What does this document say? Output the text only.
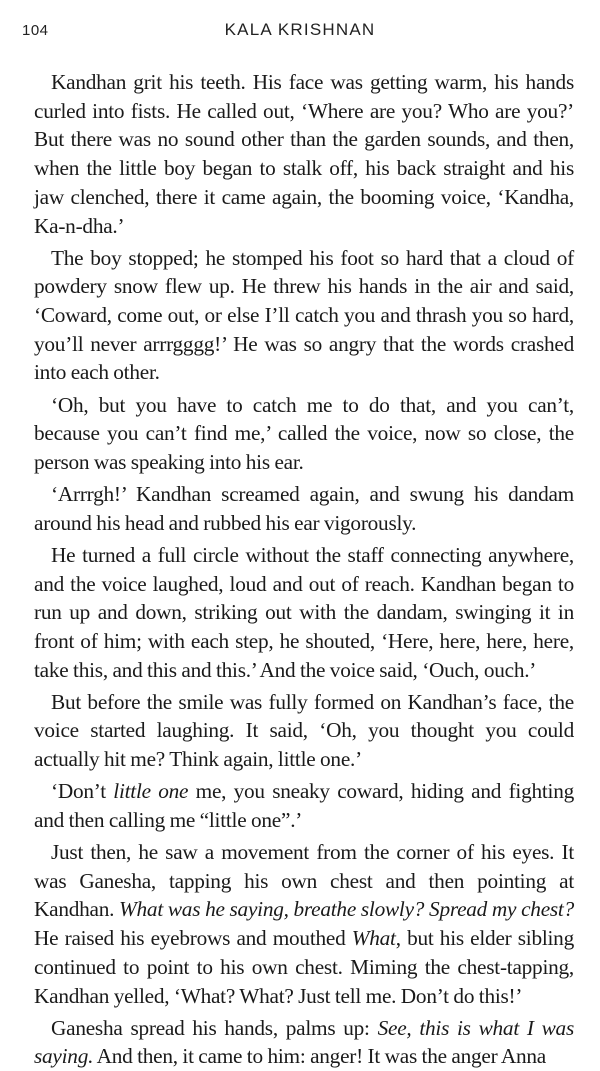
104	KALA KRISHNAN

Kandhan grit his teeth. His face was getting warm, his hands curled into fists. He called out, ‘Where are you? Who are you?’ But there was no sound other than the garden sounds, and then, when the little boy began to stalk off, his back straight and his jaw clenched, there it came again, the booming voice, ‘Kandha, Ka-n-dha.’

The boy stopped; he stomped his foot so hard that a cloud of powdery snow flew up. He threw his hands in the air and said, ‘Coward, come out, or else I’ll catch you and thrash you so hard, you’ll never arrrgggg!’ He was so angry that the words crashed into each other.

‘Oh, but you have to catch me to do that, and you can’t, because you can’t find me,’ called the voice, now so close, the person was speaking into his ear.

‘Arrrgh!’ Kandhan screamed again, and swung his dandam around his head and rubbed his ear vigorously.

He turned a full circle without the staff connecting anywhere, and the voice laughed, loud and out of reach. Kandhan began to run up and down, striking out with the dandam, swinging it in front of him; with each step, he shouted, ‘Here, here, here, here, take this, and this and this.’ And the voice said, ‘Ouch, ouch.’

But before the smile was fully formed on Kandhan’s face, the voice started laughing. It said, ‘Oh, you thought you could actually hit me? Think again, little one.’

‘Don’t little one me, you sneaky coward, hiding and fighting and then calling me “little one”.’

Just then, he saw a movement from the corner of his eyes. It was Ganesha, tapping his own chest and then pointing at Kandhan. What was he saying, breathe slowly? Spread my chest? He raised his eyebrows and mouthed What, but his elder sibling continued to point to his own chest. Miming the chest-tapping, Kandhan yelled, ‘What? What? Just tell me. Don’t do this!’

Ganesha spread his hands, palms up: See, this is what I was saying. And then, it came to him: anger! It was the anger Anna
